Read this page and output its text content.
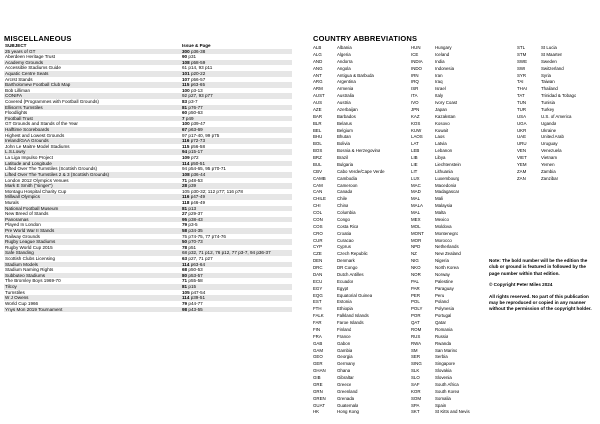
MISCELLANEOUS
SUBJECT	Issue & Page
25 years of GT	300 p36-38
Aberdeen Heritage Trust	90 p31
Academy Grounds	108 p58-59
Accessible Stadiums Guide	61 p14, 93 p11
Aquatic Centre Seats	101 p20-22
Arcrst Stands	107 p56-57
Bartholomew Football Club Map	115 p63-65
Bob Lilliman	100 p3-13
CONIFA	92 p27, 93 p77
Covered (Programmes with Football Grounds)	83 p3-7
Ellison's Turnstiles	81 p76-77
Floodlights	60 p50-63
Football Trust	7 p49
GT Grounds and Stands of the Year	100 p39-47
Halftime Scoreboards	67 p63-69
Highest and Lowest Grounds	97 p17-40, 99 p75
Ireland/GAA Grounds	116 p72-73
John Le Maitre Model Stadiums	115 p56-58
L.S.Lowry	94 p15-17
La Liga Impulso Project	109 p72
Latitude and Longitude	114 p50-51
Lifted Over The Turnstiles (Scottish Grounds)	94 p54-65, 95 p70-71
Lifted Over The Turnstiles 2 & 3 (Scottish Grounds)	108 p36-44
London 2012 Olympics Venues	71 p48-53
Mark E Smith ("singer")	28 p39
Montagu Hospital Charity Cup	105 p30-32; 112 p77; 116 p78
Millwall Olympics	116 p47-49
Murals	118 p46-49
National Football Museum	81 p13
New Breed of Stands	27 p29-37
Panoramas	95 p38-43
Played In London	79 p3-5
Pre World War II Stands	58 p34-35
Railway Grounds	75 p74-75, 77 p74-76
Rugby League Stadiums	50 p70-73
Rugby World Cup 2015	78 p51
Safe Standing	68 p32, 71 p12, 76 p12, 77 p3-7, 94 p36-37
Scottish Clubs Licensing	63 p27, 71 p27
Stadium Models	114 p63-64
Stadium Naming Rights	68 p50-53
Subbuteo Stadiums	80 p53-57
The Bromley Boys 1969-70	71 p55-58
Tilcoy	81 p15
Turnstiles	105 p47-54
W J Owens	114 p39-51
World Cup 1966	79 p44-77
Ynys Mon 2019 Tournament	98 p43-55
COUNTRY ABBREVIATIONS
ALB	Albania
ALG	Algeria
AND	Andorra
ANG	Angola
ANT	Antigua & Barbuda
ARG	Argentina
ARM	Armenia
AUST	Australia
AUS	Austria
AZE	Azerbaijan
BAR	Barbados
BLR	Belarus
BEL	Belgium
BHU	Bhutan
BOL	Bolivia
BOS	Bosnia & Herzegovina
BRZ	Brazil
BUL	Bulgaria
CBV	Cabo Verde/Cape Verde
CAMB	Cambodia
CAM	Cameroon
CAN	Canada
CHILE	Chile
CHI	China
COL	Columbia
CON	Congo
COS	Costa Rica
CRO	Croatia
CUR	Curacao
CYP	Cyprus
CZE	Czech Republic
DEN	Denmark
DRC	DR Congo
DAN	Dutch Antilles
ECU	Ecuador
EGY	Egypt
EQG	Equatorial Guinea
EST	Estonia
FTH	Ethiopia
FALK	Falkland Islands
FAR	Faroe Islands
FIN	Finland
FRA	France
GAB	Gabon
GAM	Gambia
GEO	Georgia
GER	Germany
GHAN	Ghana
GIB	Gibraltar
GRE	Greece
GRN	Greenland
GREN	Grenada
GUAT	Guatemala
HK	Hong Kong
HUN	Hungary
ICE	Iceland
INDIA	India
INDO	Indonesia
IRN	Iran
IRQ	Iraq
ISR	Israel
ITA	Italy
IVO	Ivory Coast
JPN	Japan
KAZ	Kazakstan
KOS	Kosovo
KUW	Kuwait
LAOS	Laos
LAT	Latvia
LEB	Lebanon
LIB	Libya
LIE	Liechtenstein
LIT	Lithuania
LUX	Luxembourg
MAC	Macedonia
MAD	Madagascar
MAL	Mali
MALA	Malaysia
MAL	Malta
MEX	Mexico
MOL	Moldova
MONT	Montenegro
MOR	Morocco
NPD	Netherlands
NZ	New Zealand
NIG	Nigeria
NKO	North Korea
NOR	Norway
PAL	Palestine
PAR	Paraguay
PER	Peru
POL	Poland
POLY	Polynesia
POR	Portugal
QAT	Qatar
ROM	Romania
RUS	Russia
RWA	Rwanda
SM	San Marino
SER	Serbia
SING	Singapore
SLK	Slovakia
SLO	Slovenia
SAF	South Africa
KOR	South Korea
SOM	Somalia
SPA	Spain
SKT	St Kitts and Nevis
STL	St Lucia
STM	St Maarten
SWE	Sweden
SWI	Switzerland
SYR	Syria
TAI	Taiwan
THAI	Thailand
TAT	Trinidad & Tobago
TUN	Tunisia
TUR	Turkey
USA	U.S. of America
UGA	Uganda
UKR	Ukraine
UAE	United Arab
URU	Uruguay
VEN	Venezuela
VIET	Vietnam
YEM	Yemen
ZAM	Zambia
ZAN	Zanzibar

Note: The bold number will be the edition the club or ground is featured in followed by the page number within that edition.

© Copyright Peter Miles 2024

All rights reserved. No part of this publication may be reproduced or copied in any manner without the permission of the copyright holder.
